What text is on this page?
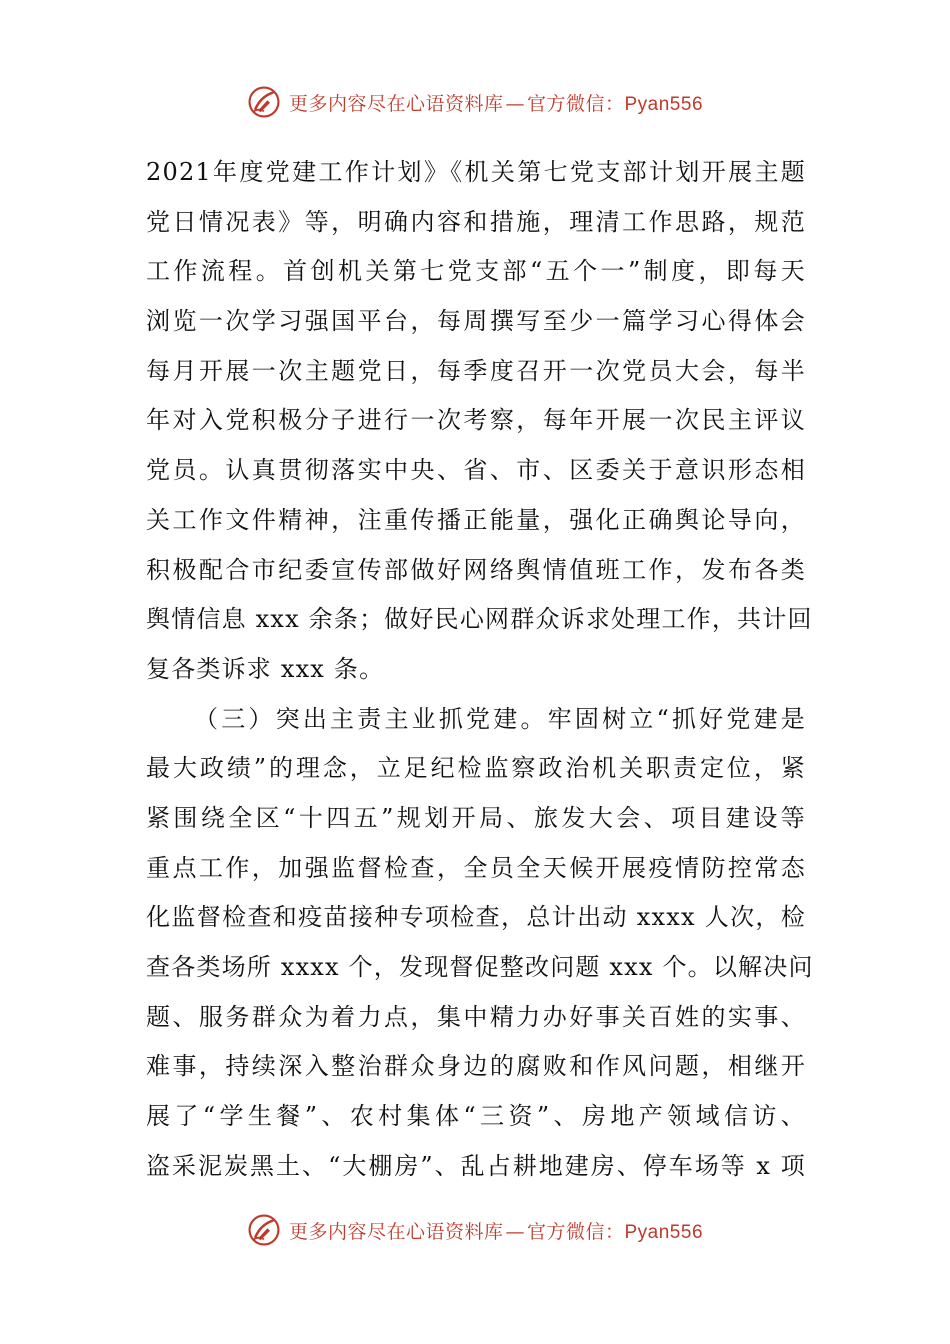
更多内容尽在心语资料库 — 官方微信：Pyan556
2021年度党建工作计划》《机关第七党支部计划开展主题
党日情况表》等，明确内容和措施，理清工作思路，规范
工作流程。首创机关第七党支部“五个一”制度，即每天
浏览一次学习强国平台，每周撰写至少一篇学习心得体会
每月开展一次主题党日，每季度召开一次党员大会，每半
年对入党积极分子进行一次考察，每年开展一次民主评议
党员。认真贯彻落实中央、省、市、区委关于意识形态相
关工作文件精神，注重传播正能量，强化正确舆论导向，
积极配合市纪委宣传部做好网络舆情值班工作，发布各类
舆情信息 xxx 余条；做好民心网群众诉求处理工作，共计回
复各类诉求 xxx 条。
（三）突出主责主业抓党建。牢固树立“抓好党建是
最大政绩”的理念，立足纪检监察政治机关职责定位，紧
紧围绕全区“十四五”规划开局、旅发大会、项目建设等
重点工作，加强监督检查，全员全天候开展疫情防控常态
化监督检查和疫苗接种专项检查，总计出动 xxxx 人次，检
查各类场所 xxxx 个，发现督促整改问题 xxx 个。以解决问
题、服务群众为着力点，集中精力办好事关百姓的实事、
难事，持续深入整治群众身边的腐败和作风问题，相继开
展了“学生餐”、农村集体“三资”、房地产领域信访、
盗采泥炭黑土、“大棚房”、乱占耕地建房、停车场等 x 项
更多内容尽在心语资料库 — 官方微信：Pyan556
